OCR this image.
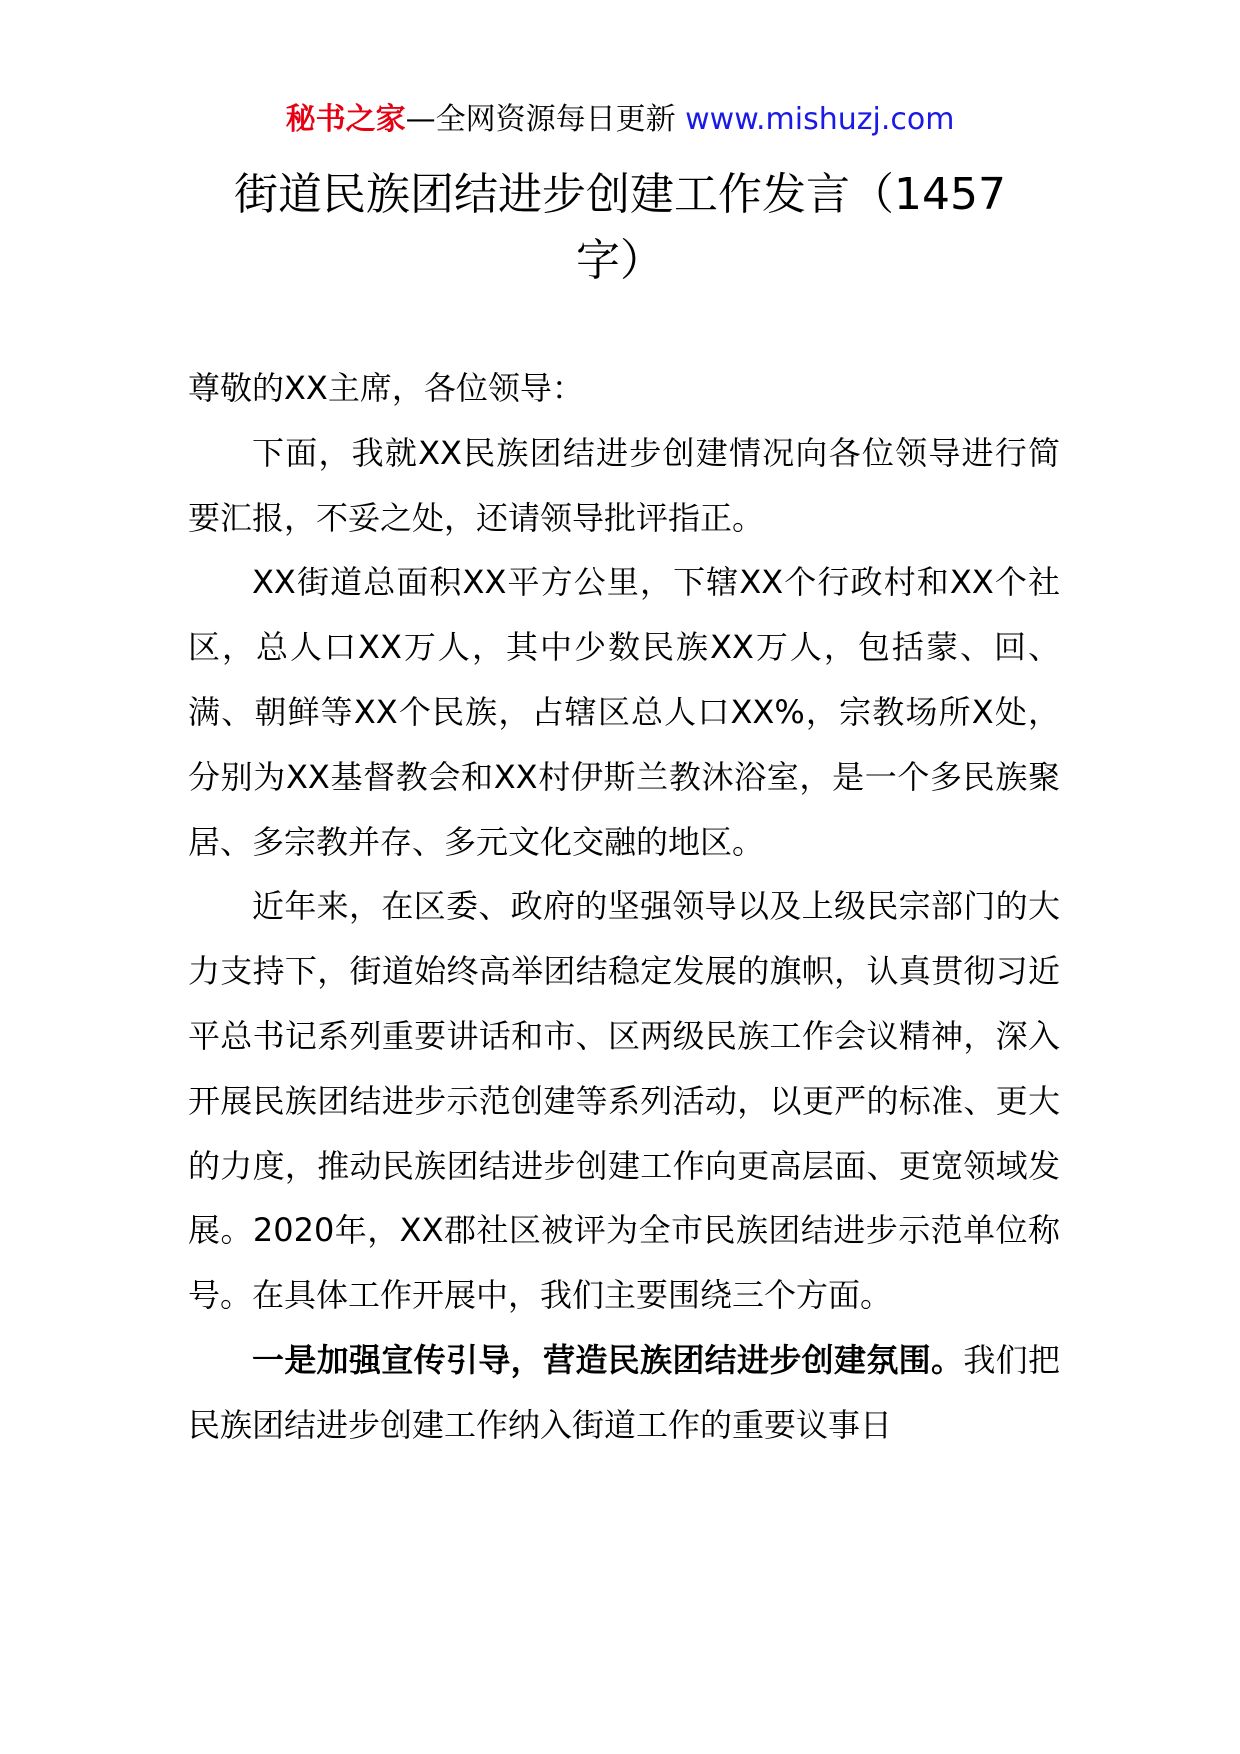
秘书之家—全网资源每日更新 www.mishuzj.com
街道民族团结进步创建工作发言（1457字）

尊敬的XX主席，各位领导：

下面，我就XX民族团结进步创建情况向各位领导进行简要汇报，不妥之处，还请领导批评指正。

XX街道总面积XX平方公里，下辖XX个行政村和XX个社区，总人口XX万人，其中少数民族XX万人，包括蒙、回、满、朝鲜等XX个民族，占辖区总人口XX%，宗教场所X处，分别为XX基督教会和XX村伊斯兰教沐浴室，是一个多民族聚居、多宗教并存、多元文化交融的地区。

近年来，在区委、政府的坚强领导以及上级民宗部门的大力支持下，街道始终高举团结稳定发展的旗帜，认真贯彻习近平总书记系列重要讲话和市、区两级民族工作会议精神，深入开展民族团结进步示范创建等系列活动，以更严的标准、更大的力度，推动民族团结进步创建工作向更高层面、更宽领域发展。2020年，XX郡社区被评为全市民族团结进步示范单位称号。在具体工作开展中，我们主要围绕三个方面。

一是加强宣传引导，营造民族团结进步创建氛围。我们把民族团结进步创建工作纳入街道工作的重要议事日
